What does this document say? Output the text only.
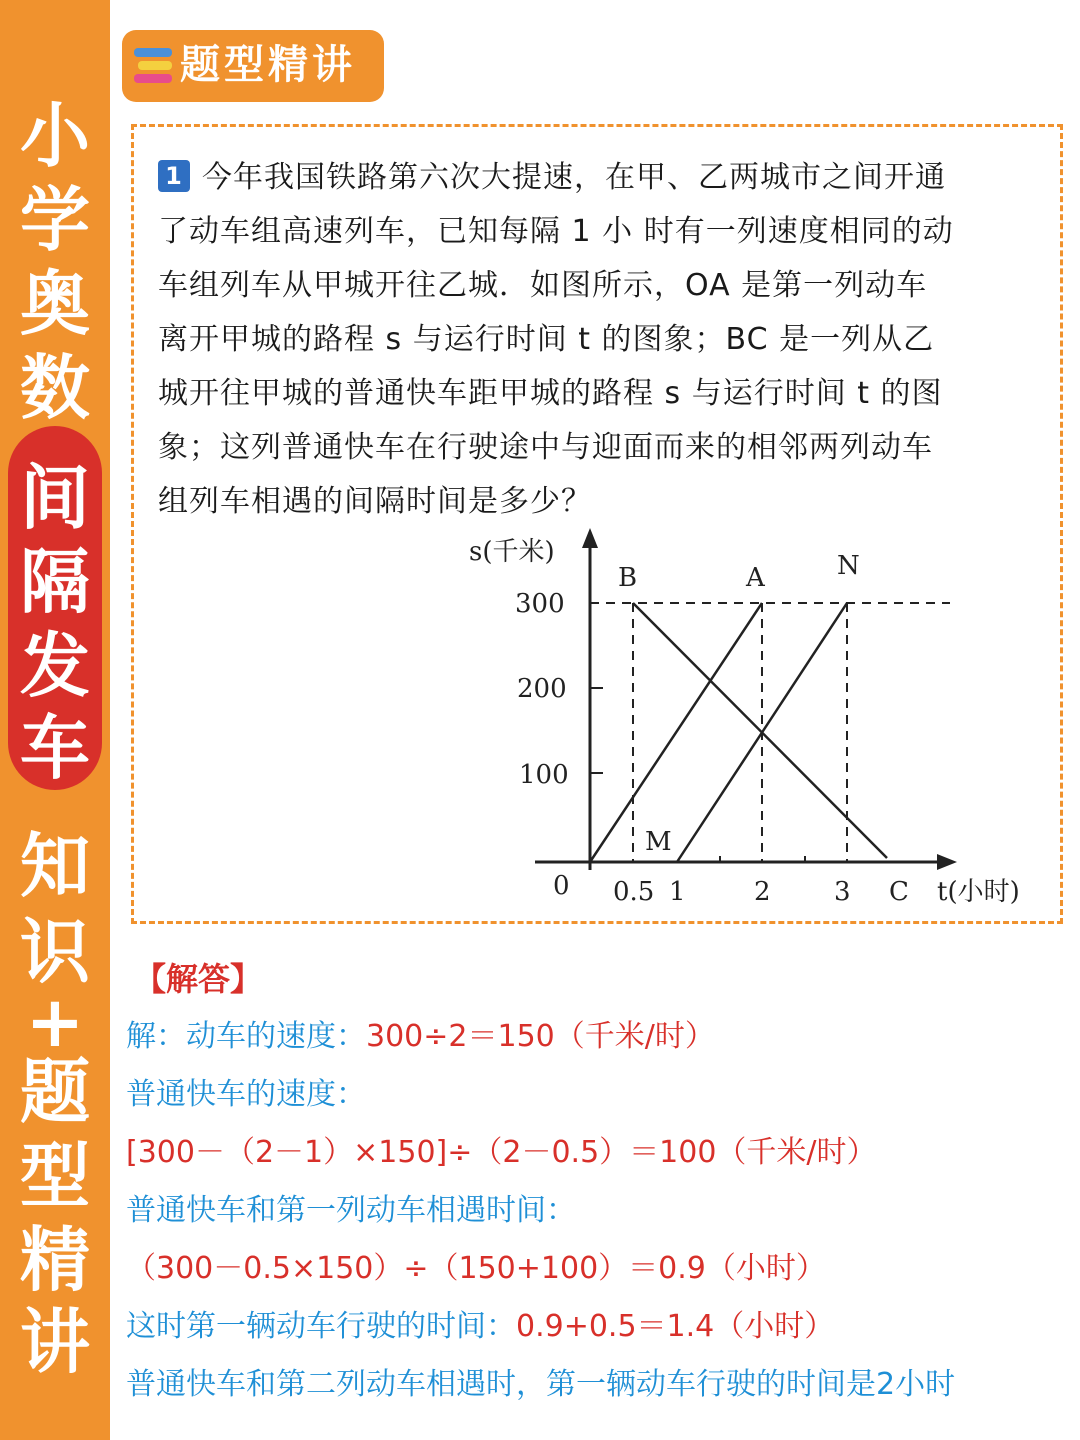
小
学
奥
数
间
隔
发
车
知
识
+
题
型
精
讲
题型精讲
1 今年我国铁路第六次大提速，在甲、乙两城市之间开通
了动车组高速列车，已知每隔 1 小 时有一列速度相同的动
车组列车从甲城开往乙城．如图所示，OA 是第一列动车
离开甲城的路程 s 与运行时间 t 的图象；BC 是一列从乙
城开往甲城的普通快车距甲城的路程 s 与运行时间 t 的图
象；这列普通快车在行驶途中与迎面而来的相邻两列动车
组列车相遇的间隔时间是多少？
s(千米)
300
200
100
0 0.5 1	2 3 C t(小时)
B	A	N
M
【解答】
解：动车的速度：300÷2＝150（千米/时）
普通快车的速度：
[300－（2－1）×150]÷（2－0.5）＝100（千米/时）
普通快车和第一列动车相遇时间：
（300－0.5×150）÷（150+100）＝0.9（小时）
这时第一辆动车行驶的时间：0.9+0.5＝1.4（小时）
普通快车和第二列动车相遇时，第一辆动车行驶的时间是2小时
